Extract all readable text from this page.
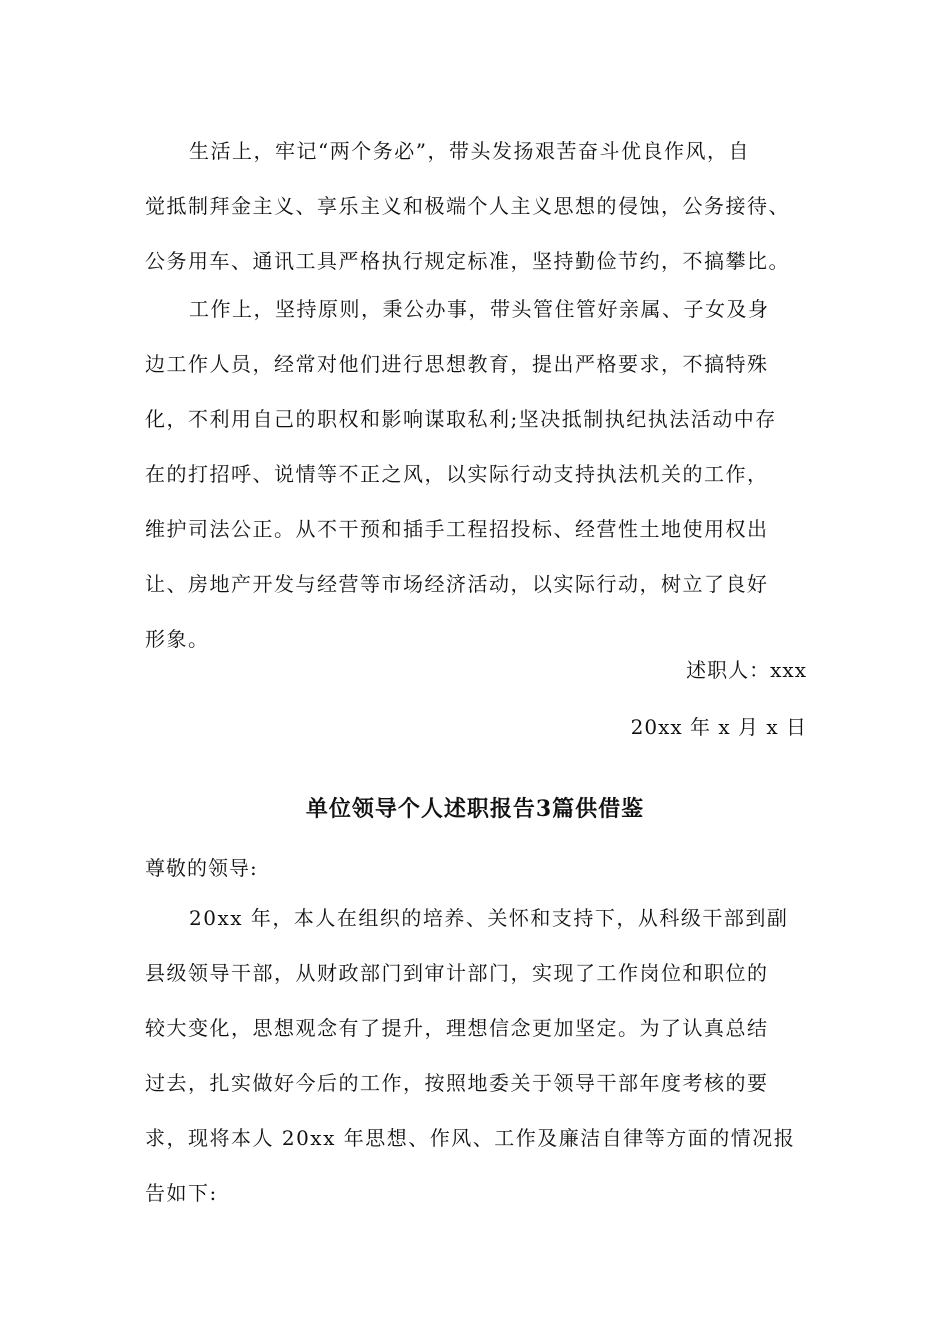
生活上，牢记“两个务必”，带头发扬艰苦奋斗优良作风，自
觉抵制拜金主义、享乐主义和极端个人主义思想的侵蚀，公务接待、
公务用车、通讯工具严格执行规定标准，坚持勤俭节约，不搞攀比。
工作上，坚持原则，秉公办事，带头管住管好亲属、子女及身
边工作人员，经常对他们进行思想教育，提出严格要求，不搞特殊
化，不利用自己的职权和影响谋取私利;坚决抵制执纪执法活动中存
在的打招呼、说情等不正之风，以实际行动支持执法机关的工作，
维护司法公正。从不干预和插手工程招投标、经营性土地使用权出
让、房地产开发与经营等市场经济活动，以实际行动，树立了良好
形象。
述职人：xxx
20xx 年 x 月 x 日
单位领导个人述职报告3篇供借鉴
尊敬的领导:
20xx 年，本人在组织的培养、关怀和支持下，从科级干部到副
县级领导干部，从财政部门到审计部门，实现了工作岗位和职位的
较大变化，思想观念有了提升，理想信念更加坚定。为了认真总结
过去，扎实做好今后的工作，按照地委关于领导干部年度考核的要
求，现将本人 20xx 年思想、作风、工作及廉洁自律等方面的情况报
告如下:
